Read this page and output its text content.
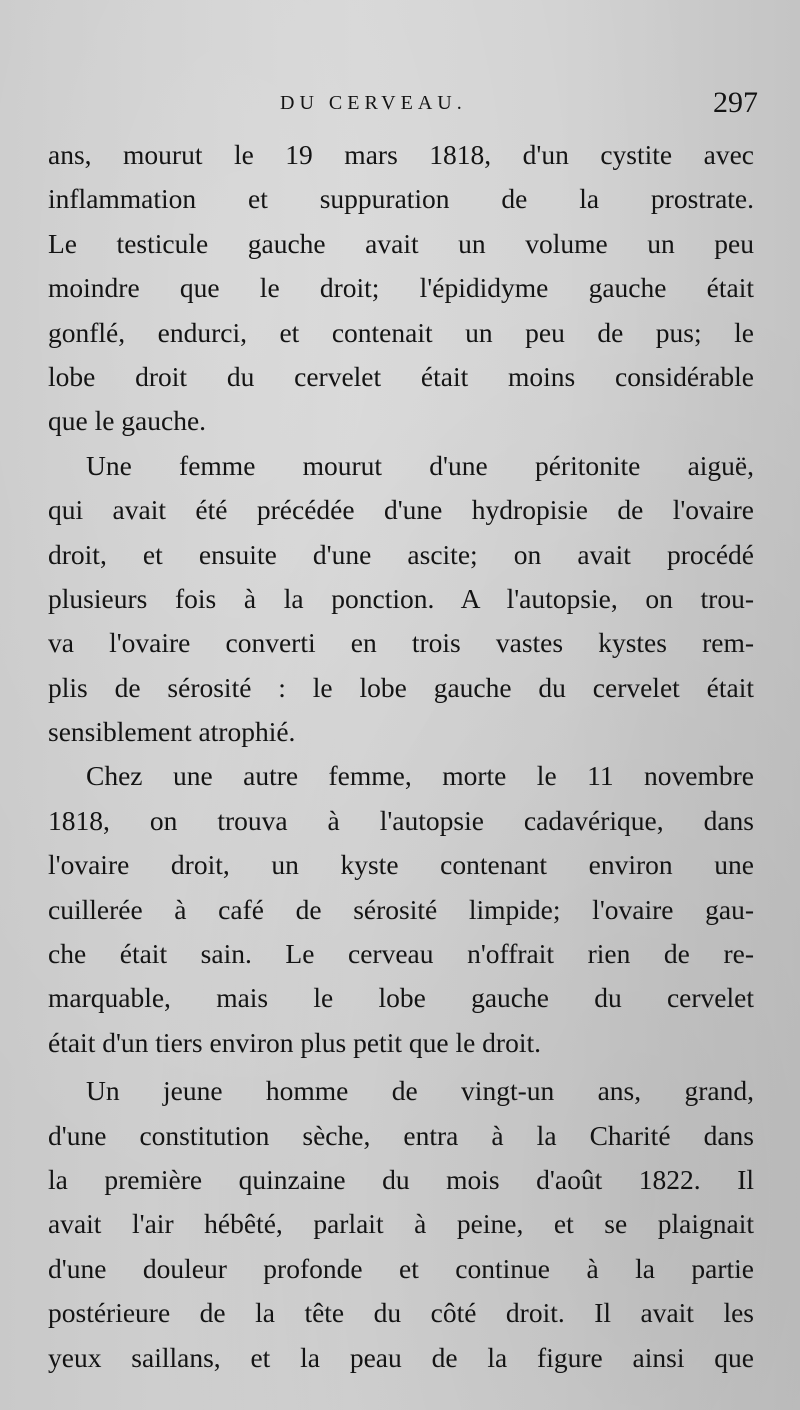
DU CERVEAU.	297
ans, mourut le 19 mars 1818, d'un cystite avec
inflammation et suppuration de la prostrate.
Le testicule gauche avait un volume un peu
moindre que le droit; l'épididyme gauche était
gonflé, endurci, et contenait un peu de pus; le
lobe droit du cervelet était moins considérable
que le gauche.
Une femme mourut d'une péritonite aiguë,
qui avait été précédée d'une hydropisie de l'ovaire
droit, et ensuite d'une ascite; on avait procédé
plusieurs fois à la ponction. A l'autopsie, on trou-
va l'ovaire converti en trois vastes kystes rem-
plis de sérosité : le lobe gauche du cervelet était
sensiblement atrophié.
Chez une autre femme, morte le 11 novembre
1818, on trouva à l'autopsie cadavérique, dans
l'ovaire droit, un kyste contenant environ une
cuillerée à café de sérosité limpide; l'ovaire gau-
che était sain. Le cerveau n'offrait rien de re-
marquable, mais le lobe gauche du cervelet
était d'un tiers environ plus petit que le droit.
Un jeune homme de vingt-un ans, grand,
d'une constitution sèche, entra à la Charité dans
la première quinzaine du mois d'août 1822. Il
avait l'air hébêté, parlait à peine, et se plaignait
d'une douleur profonde et continue à la partie
postérieure de la tête du côté droit. Il avait les
yeux saillans, et la peau de la figure ainsi que
